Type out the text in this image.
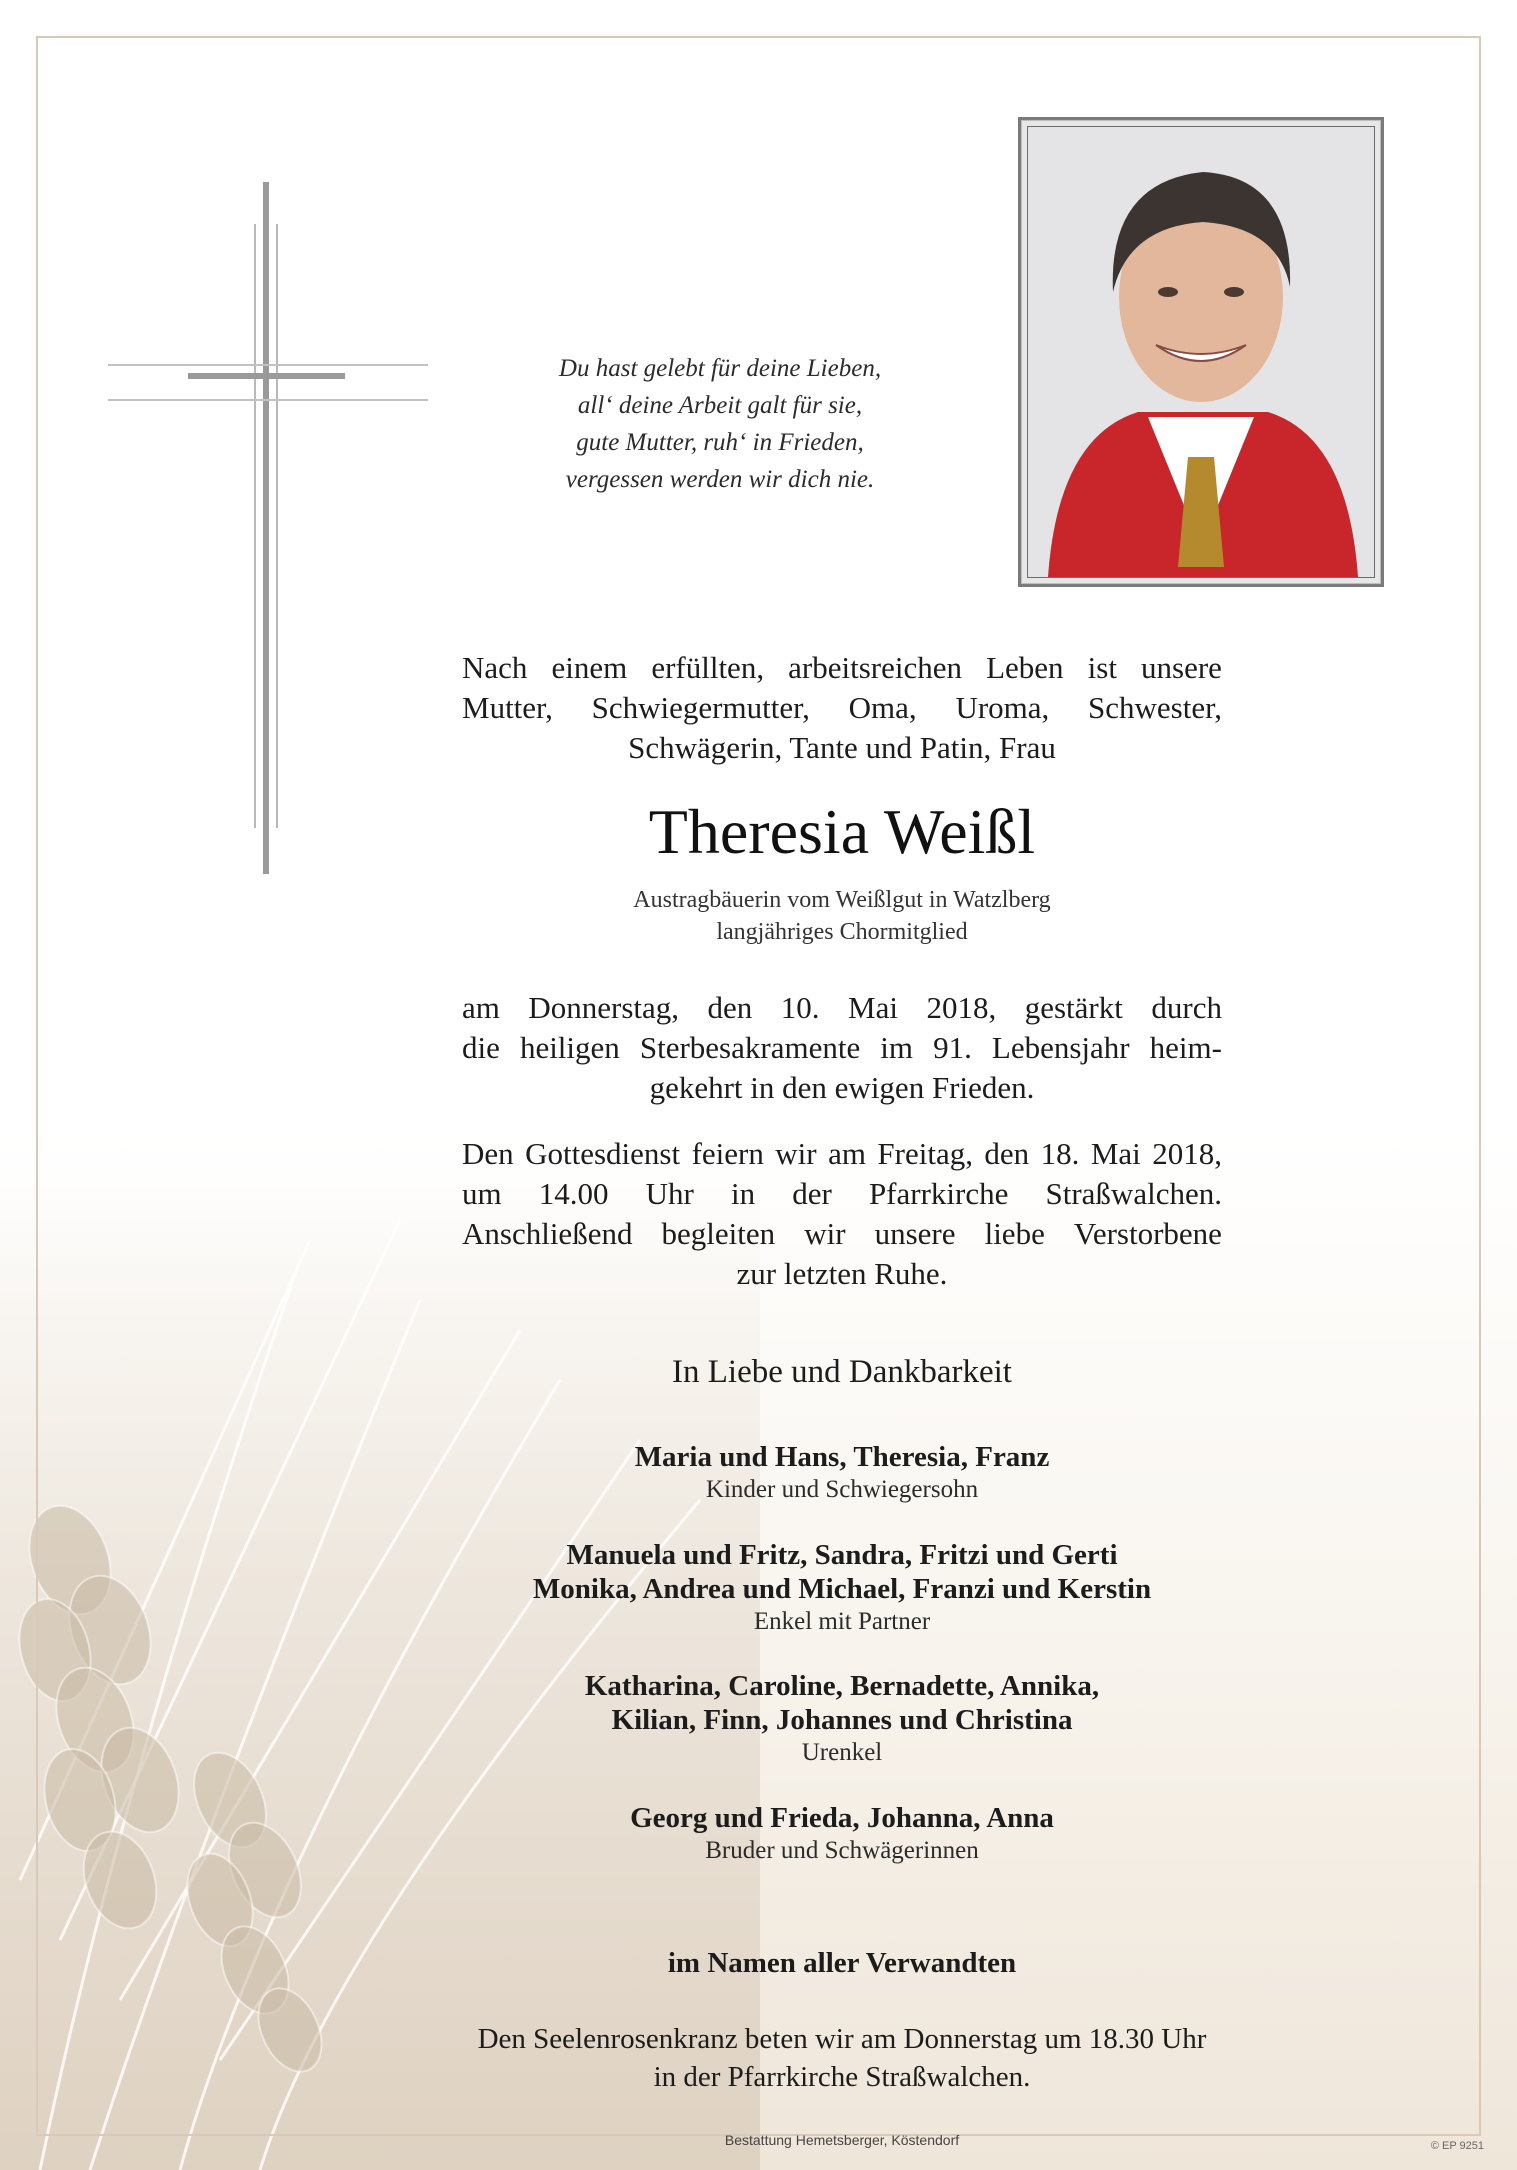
Du hast gelebt für deine Lieben,
all‘ deine Arbeit galt für sie,
gute Mutter, ruh‘ in Frieden,
vergessen werden wir dich nie.
Nach einem erfüllten, arbeitsreichen Leben ist unsere
Mutter, Schwiegermutter, Oma, Uroma, Schwester,
Schwägerin, Tante und Patin, Frau
Theresia Weißl
Austragbäuerin vom Weißlgut in Watzlberg
langjähriges Chormitglied
am Donnerstag, den 10. Mai 2018, gestärkt durch
die heiligen Sterbesakramente im 91. Lebensjahr heim-
gekehrt in den ewigen Frieden.
Den Gottesdienst feiern wir am Freitag, den 18. Mai 2018,
um 14.00 Uhr in der Pfarrkirche Straßwalchen.
Anschließend begleiten wir unsere liebe Verstorbene
zur letzten Ruhe.
In Liebe und Dankbarkeit
Maria und Hans, Theresia, Franz
Kinder und Schwiegersohn
Manuela und Fritz, Sandra, Fritzi und Gerti
Monika, Andrea und Michael, Franzi und Kerstin
Enkel mit Partner
Katharina, Caroline, Bernadette, Annika,
Kilian, Finn, Johannes und Christina
Urenkel
Georg und Frieda, Johanna, Anna
Bruder und Schwägerinnen
im Namen aller Verwandten
Den Seelenrosenkranz beten wir am Donnerstag um 18.30 Uhr
in der Pfarrkirche Straßwalchen.
Bestattung Hemetsberger, Köstendorf	© EP 9251
